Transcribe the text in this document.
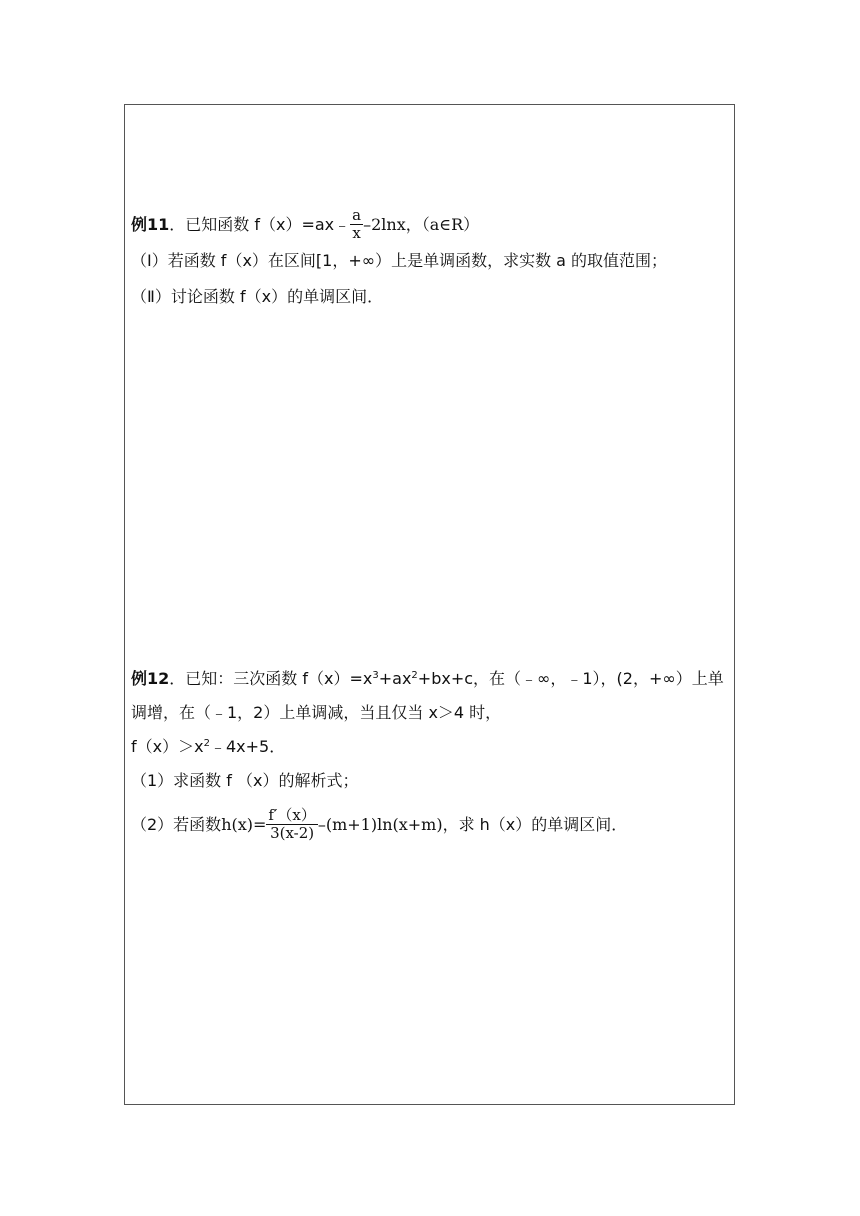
例11．已知函数 f（x）=ax﹣ $\frac{a}{x} -2\ln x$，（a∈R）
（Ⅰ）若函数 f（x）在区间[1，+∞）上是单调函数，求实数 a 的取值范围；
（Ⅱ）讨论函数 f（x）的单调区间．
例12．已知：三次函数 $f(x)=x^3+ax^2+bx+c$，在（﹣∞，﹣1），(2，+∞）上单
调增，在（﹣1，2）上单调减，当且仅当 x＞4 时，
$f(x)>x^2﹣4x+5$．
（1）求函数 f （x）的解析式；
（2）若函数$h(x)= \frac{f'(x)}{3(x-2)} -(m+1)\ln(x+m)$，求 h（x）的单调区间．
